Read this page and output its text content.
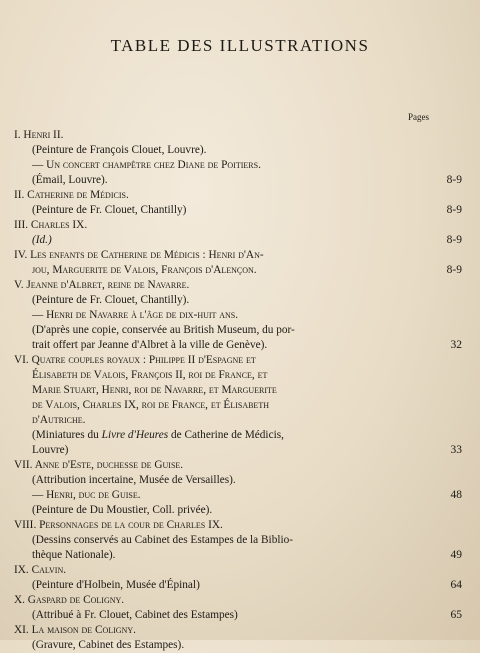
TABLE DES ILLUSTRATIONS
Pages
I. Henri II.
(Peinture de François Clouet, Louvre).
— Un concert champêtre chez Diane de Poitiers.
(Émail, Louvre).	8-9
II. Catherine de Médicis.
(Peinture de Fr. Clouet, Chantilly)	8-9
III. Charles IX.
(Id.)	8-9
IV. Les enfants de Catherine de Médicis : Henri d'An-
jou, Marguerite de Valois, François d'Alençon.	8-9
V. Jeanne d'Albret, reine de Navarre.
(Peinture de Fr. Clouet, Chantilly).
— Henri de Navarre à l'âge de dix-huit ans.
(D'après une copie, conservée au British Museum, du por-
trait offert par Jeanne d'Albret à la ville de Genève).	32
VI. Quatre couples royaux : Philippe II d'Espagne et
Élisabeth de Valois, François II, roi de France, et
Marie Stuart, Henri, roi de Navarre, et Marguerite
de Valois, Charles IX, roi de France, et Élisabeth
d'Autriche.
(Miniatures du Livre d'Heures de Catherine de Médicis,
Louvre)	33
VII. Anne d'Este, duchesse de Guise.
(Attribution incertaine, Musée de Versailles).
— Henri, duc de Guise.	48
(Peinture de Du Moustier, Coll. privée).
VIII. Personnages de la cour de Charles IX.
(Dessins conservés au Cabinet des Estampes de la Biblio-
thèque Nationale).	49
IX. Calvin.
(Peinture d'Holbein, Musée d'Épinal)	64
X. Gaspard de Coligny.
(Attribué à Fr. Clouet, Cabinet des Estampes)	65
XI. La maison de Coligny.
(Gravure, Cabinet des Estampes).
